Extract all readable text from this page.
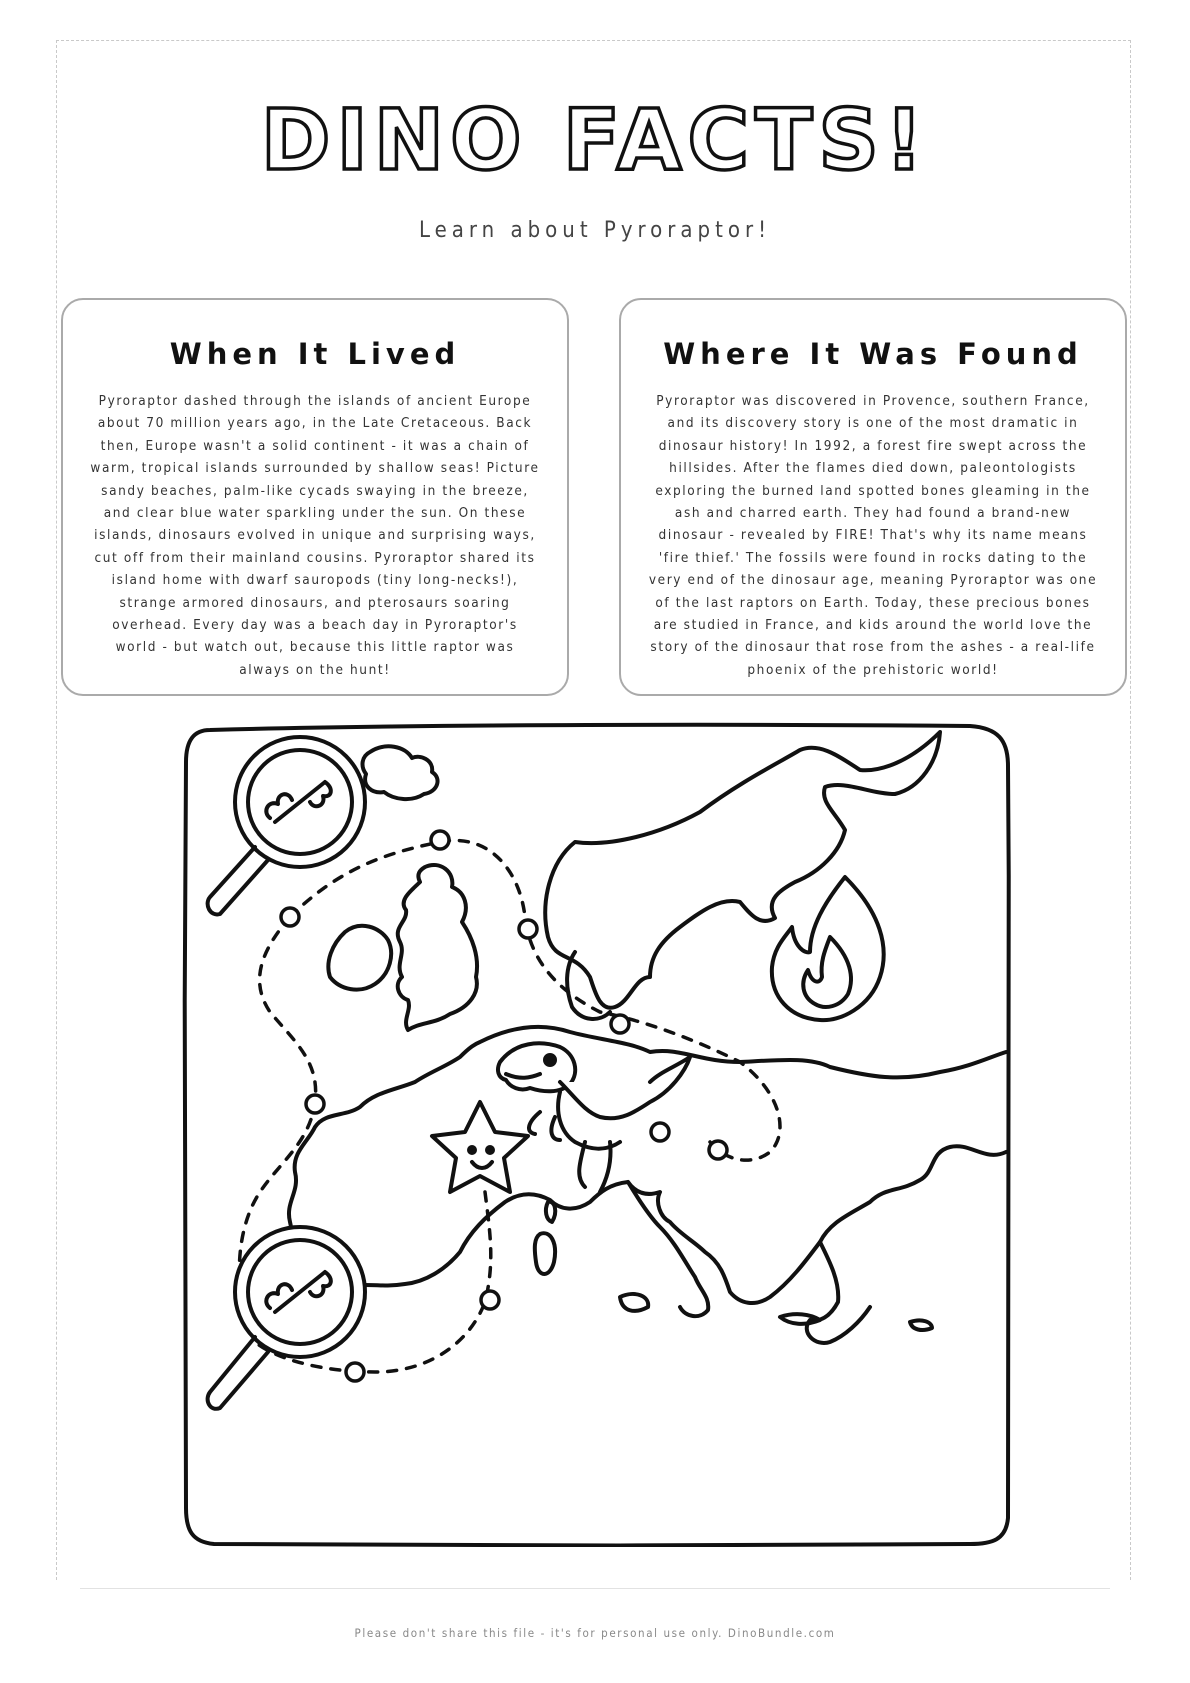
DINO FACTS!

Learn about Pyroraptor!

When It Lived

Pyroraptor dashed through the islands of ancient Europe about 70 million years ago, in the Late Cretaceous. Back then, Europe wasn't a solid continent - it was a chain of warm, tropical islands surrounded by shallow seas! Picture sandy beaches, palm-like cycads swaying in the breeze, and clear blue water sparkling under the sun. On these islands, dinosaurs evolved in unique and surprising ways, cut off from their mainland cousins. Pyroraptor shared its island home with dwarf sauropods (tiny long-necks!), strange armored dinosaurs, and pterosaurs soaring overhead. Every day was a beach day in Pyroraptor's world - but watch out, because this little raptor was always on the hunt!

Where It Was Found

Pyroraptor was discovered in Provence, southern France, and its discovery story is one of the most dramatic in dinosaur history! In 1992, a forest fire swept across the hillsides. After the flames died down, paleontologists exploring the burned land spotted bones gleaming in the ash and charred earth. They had found a brand-new dinosaur - revealed by FIRE! That's why its name means 'fire thief.' The fossils were found in rocks dating to the very end of the dinosaur age, meaning Pyroraptor was one of the last raptors on Earth. Today, these precious bones are studied in France, and kids around the world love the story of the dinosaur that rose from the ashes - a real-life phoenix of the prehistoric world!

Please don't share this file - it's for personal use only. DinoBundle.com
